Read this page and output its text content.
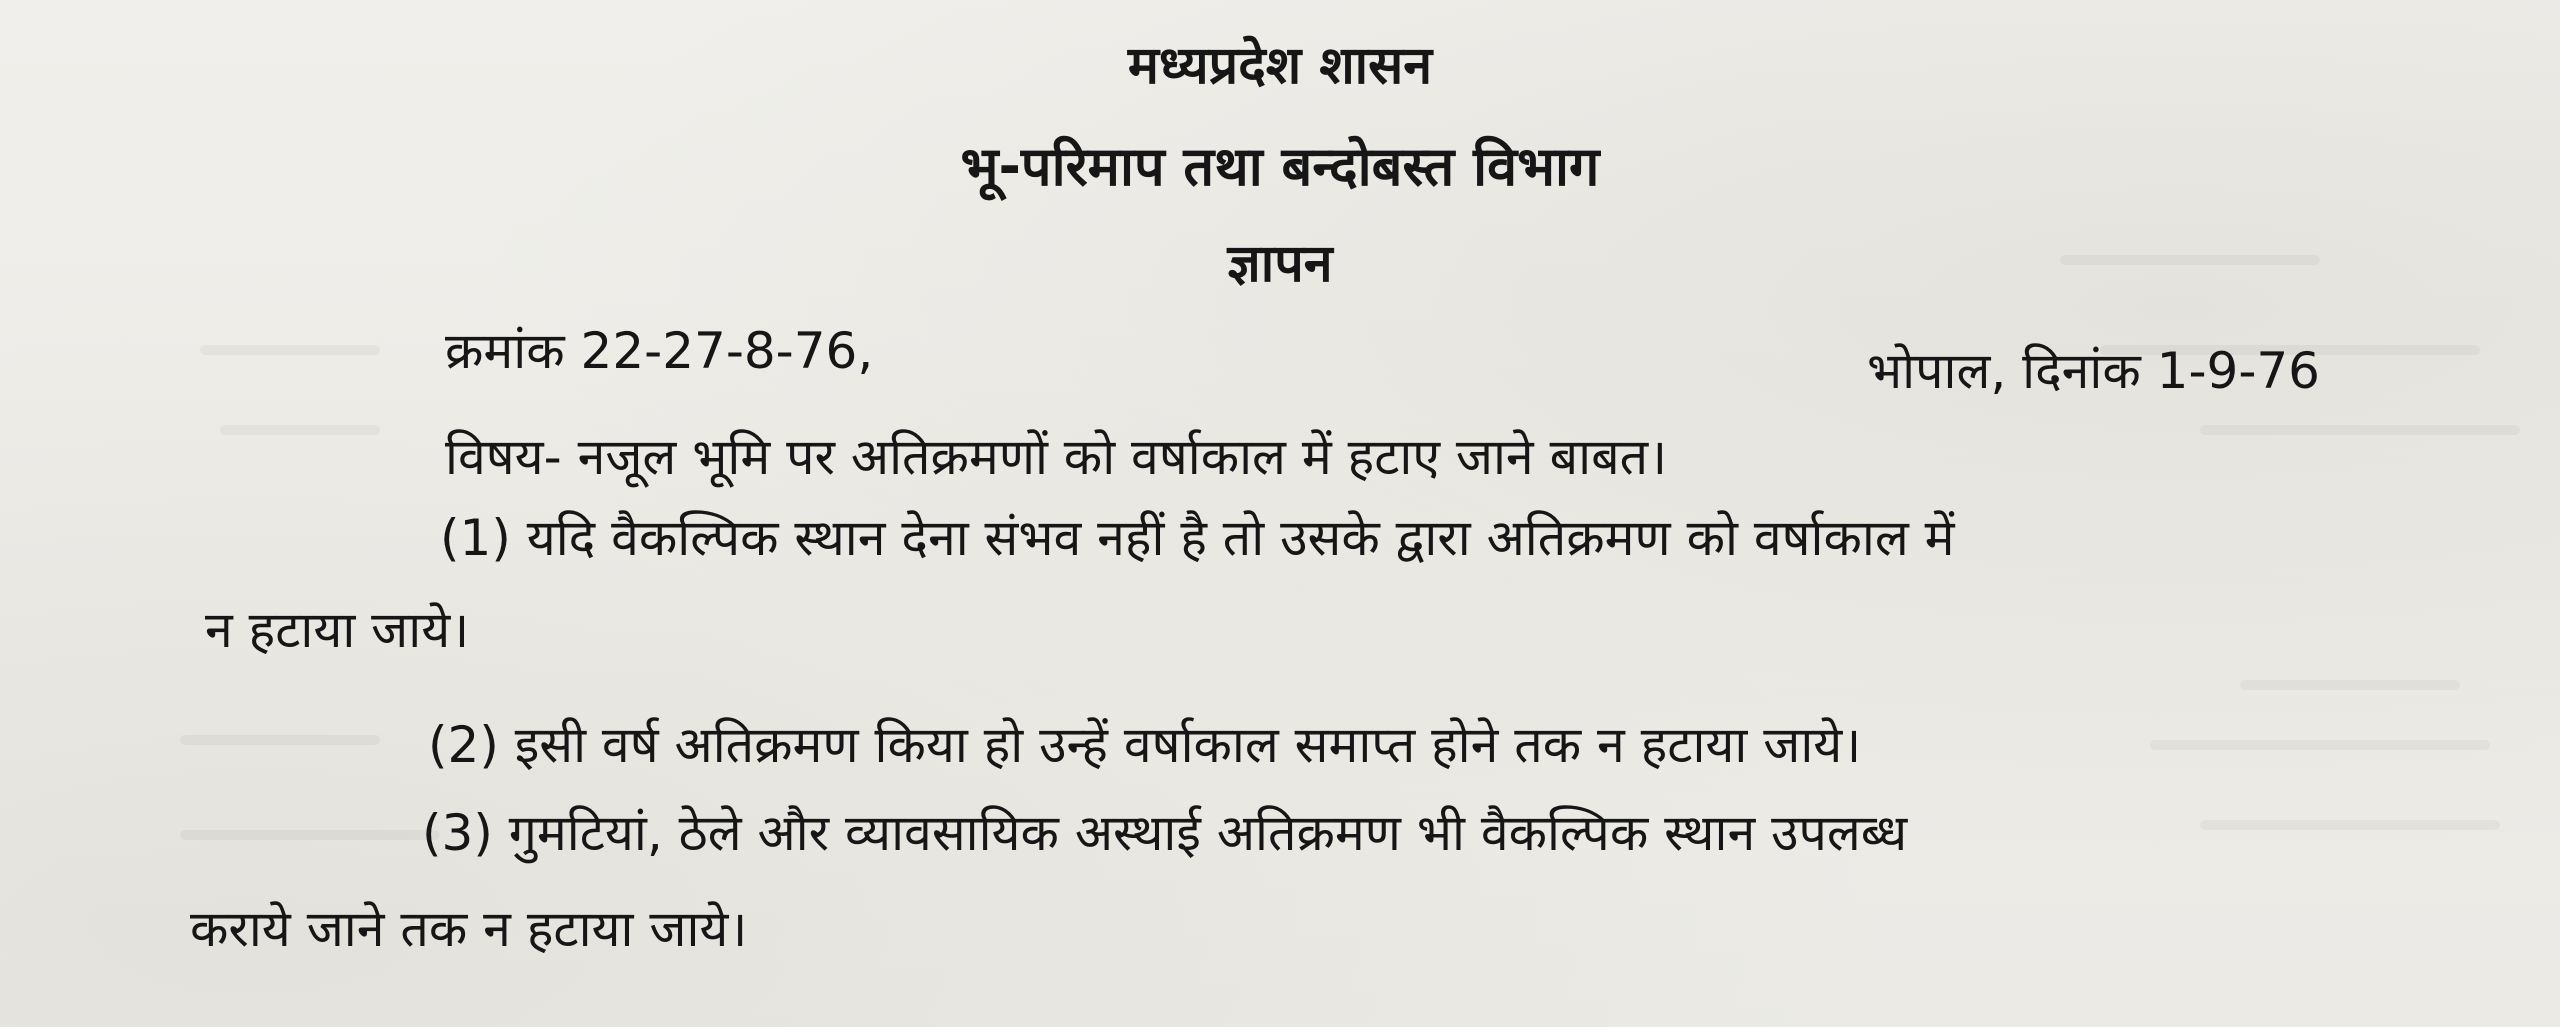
मध्यप्रदेश शासन
भू-परिमाप तथा बन्दोबस्त विभाग
ज्ञापन
क्रमांक 22-27-8-76,	भोपाल, दिनांक 1-9-76
विषय- नजूल भूमि पर अतिक्रमणों को वर्षाकाल में हटाए जाने बाबत।
(1) यदि वैकल्पिक स्थान देना संभव नहीं है तो उसके द्वारा अतिक्रमण को वर्षाकाल में
न हटाया जाये।
(2) इसी वर्ष अतिक्रमण किया हो उन्हें वर्षाकाल समाप्त होने तक न हटाया जाये।
(3) गुमटियां, ठेले और व्यावसायिक अस्थाई अतिक्रमण भी वैकल्पिक स्थान उपलब्ध
कराये जाने तक न हटाया जाये।
